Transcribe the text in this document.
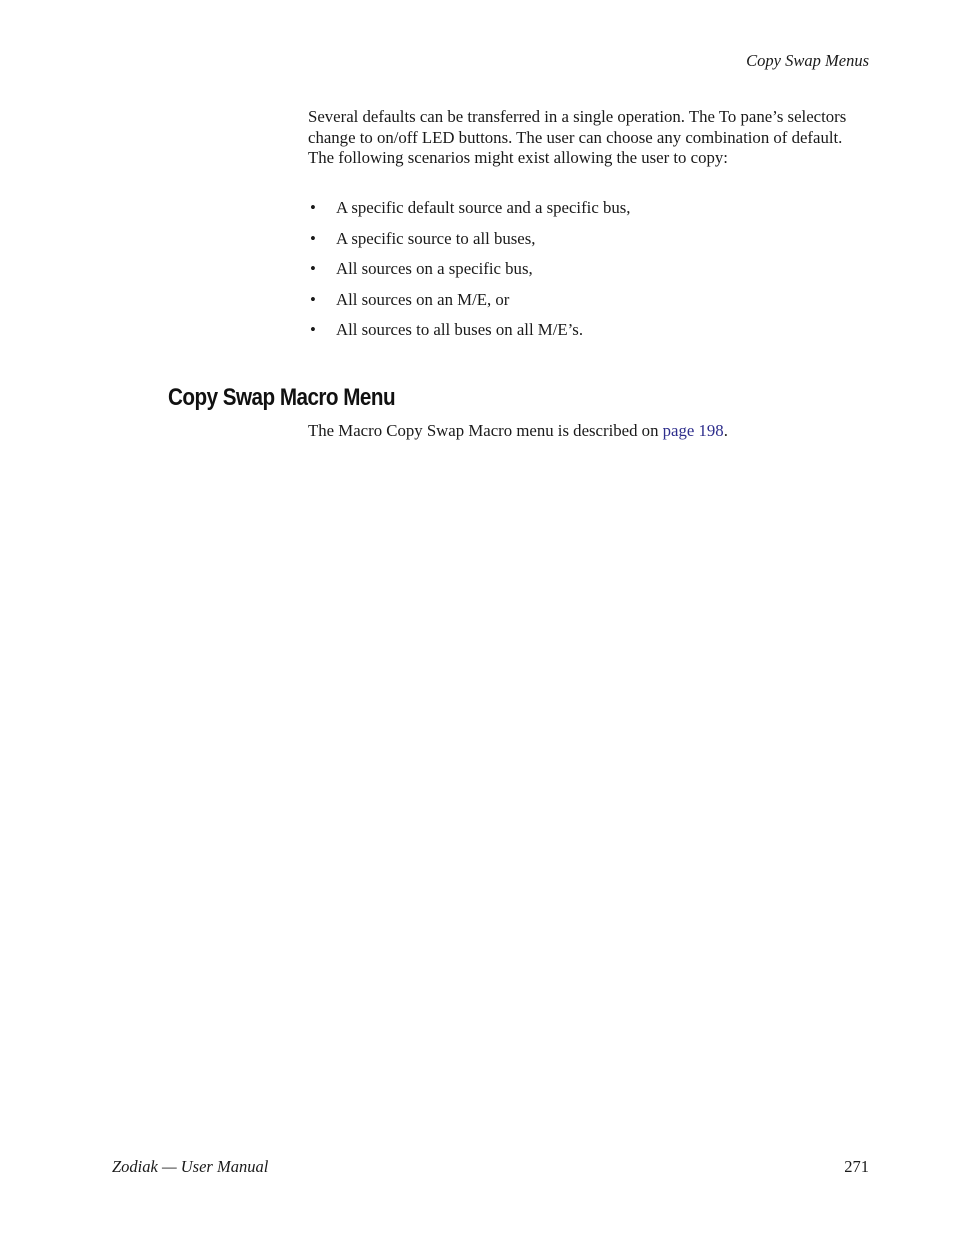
Copy Swap Menus

Several defaults can be transferred in a single operation. The To pane’s selectors change to on/off LED buttons. The user can choose any combination of default. The following scenarios might exist allowing the user to copy:

• A specific default source and a specific bus,
• A specific source to all buses,
• All sources on a specific bus,
• All sources on an M/E, or
• All sources to all buses on all M/E’s.
Copy Swap Macro Menu

The Macro Copy Swap Macro menu is described on page 198.

Zodiak — User Manual	271
